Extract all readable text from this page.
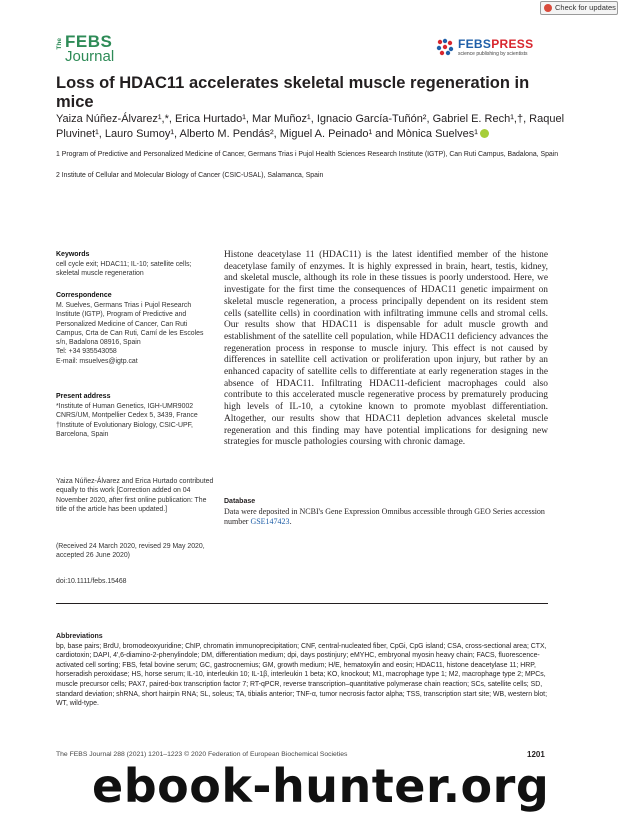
Check for updates
The FEBS
Journal
FEBSPRESS
science publishing by scientists
Loss of HDAC11 accelerates skeletal muscle regeneration in mice
Yaiza Núñez-Álvarez¹,*, Erica Hurtado¹, Mar Muñoz¹, Ignacio García-Tuñón², Gabriel E. Rech¹,†, Raquel Pluvinet¹, Lauro Sumoy¹, Alberto M. Pendás², Miguel A. Peinado¹ and Mònica Suelves¹
1 Program of Predictive and Personalized Medicine of Cancer, Germans Trias i Pujol Health Sciences Research Institute (IGTP), Can Ruti Campus, Badalona, Spain
2 Institute of Cellular and Molecular Biology of Cancer (CSIC-USAL), Salamanca, Spain
Keywords
cell cycle exit; HDAC11; IL-10; satellite cells; skeletal muscle regeneration
Correspondence
M. Suelves, Germans Trias i Pujol Research Institute (IGTP), Program of Predictive and Personalized Medicine of Cancer, Can Ruti Campus, Crta de Can Ruti, Camí de les Escoles s/n, Badalona 08916, Spain
Tel: +34 935543058
E-mail: msuelves@igtp.cat
Present address
*Institute of Human Genetics, IGH-UMR9002 CNRS/UM, Montpellier Cedex 5, 3439, France
†Institute of Evolutionary Biology, CSIC-UPF, Barcelona, Spain
Yaiza Núñez-Álvarez and Erica Hurtado contributed equally to this work [Correction added on 04 November 2020, after first online publication: The title of the article has been updated.]
(Received 24 March 2020, revised 29 May 2020, accepted 26 June 2020)
doi:10.1111/febs.15468
Histone deacetylase 11 (HDAC11) is the latest identified member of the histone deacetylase family of enzymes. It is highly expressed in brain, heart, testis, kidney, and skeletal muscle, although its role in these tissues is poorly understood. Here, we investigate for the first time the consequences of HDAC11 genetic impairment on skeletal muscle regeneration, a process principally dependent on its resident stem cells (satellite cells) in coordination with infiltrating immune cells and stromal cells. Our results show that HDAC11 is dispensable for adult muscle growth and establishment of the satellite cell population, while HDAC11 deficiency advances the regeneration process in response to muscle injury. This effect is not caused by differences in satellite cell activation or proliferation upon injury, but rather by an enhanced capacity of satellite cells to differentiate at early regeneration stages in the absence of HDAC11. Infiltrating HDAC11-deficient macrophages could also contribute to this accelerated muscle regenerative process by prematurely producing high levels of IL-10, a cytokine known to promote myoblast differentiation. Altogether, our results show that HDAC11 depletion advances skeletal muscle regeneration and this finding may have potential implications for designing new strategies for muscle pathologies coursing with chronic damage.
Database

Data were deposited in NCBI's Gene Expression Omnibus accessible through GEO Series accession number GSE147423.

Abbreviations

bp, base pairs; BrdU, bromodeoxyuridine; ChIP, chromatin immunoprecipitation; CNF, central-nucleated fiber, CpGi, CpG island; CSA, cross-sectional area; CTX, cardiotoxin; DAPI, 4′,6-diamino-2-phenylindole; DM, differentiation medium; dpi, days postinjury; eMYHC, embryonal myosin heavy chain; FACS, fluorescence-activated cell sorting; FBS, fetal bovine serum; GC, gastrocnemius; GM, growth medium; H/E, hematoxylin and eosin; HDAC11, histone deacetylase 11; HRP, horseradish peroxidase; HS, horse serum; IL-10, interleukin 10; IL-1β, interleukin 1 beta; KO, knockout; M1, macrophage type 1; M2, macrophage type 2; MPCs, muscle precursor cells; PAX7, paired-box transcription factor 7; RT-qPCR, reverse transcription–quantitative polymerase chain reaction; SCs, satellite cells; SD, standard deviation; shRNA, short hairpin RNA; SL, soleus; TA, tibialis anterior; TNF-α, tumor necrosis factor alpha; TSS, transcription start site; WB, western blot; WT, wild-type.

The FEBS Journal 288 (2021) 1201–1223 © 2020 Federation of European Biochemical Societies	1201
ebook-hunter.org
